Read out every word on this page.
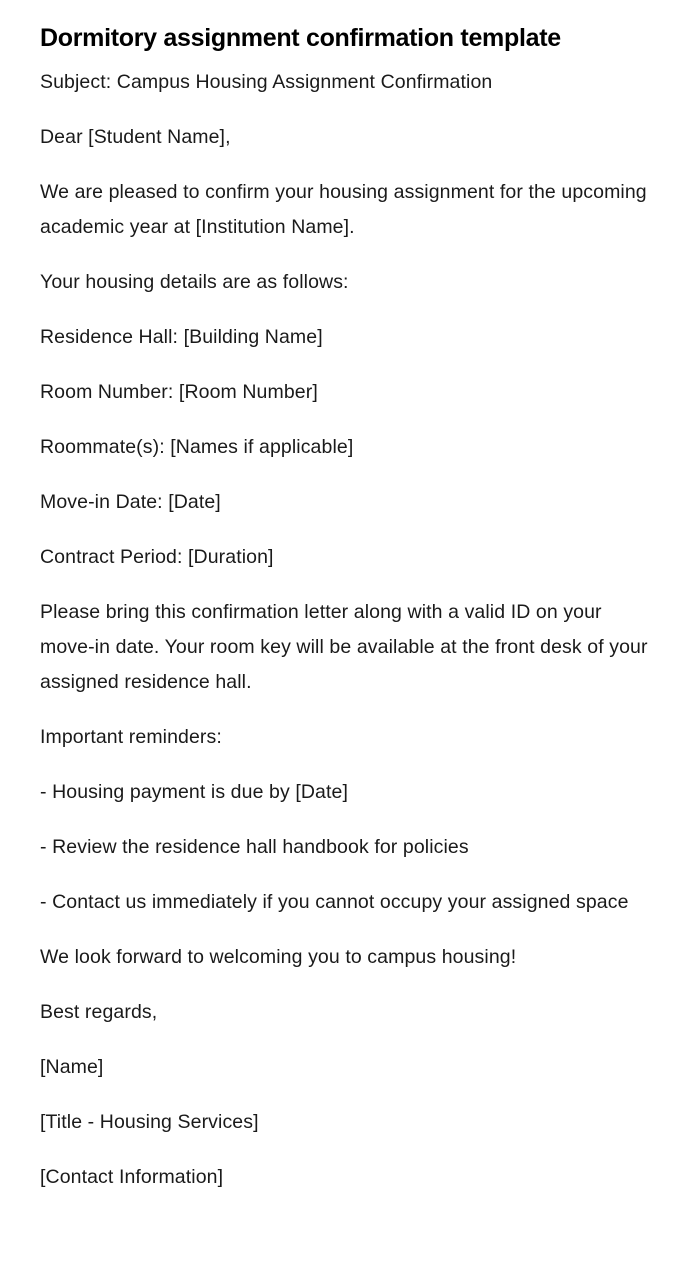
Dormitory assignment confirmation template

Subject: Campus Housing Assignment Confirmation

Dear [Student Name],

We are pleased to confirm your housing assignment for the upcoming academic year at [Institution Name].

Your housing details are as follows:

Residence Hall: [Building Name]

Room Number: [Room Number]

Roommate(s): [Names if applicable]

Move-in Date: [Date]

Contract Period: [Duration]

Please bring this confirmation letter along with a valid ID on your move-in date. Your room key will be available at the front desk of your assigned residence hall.

Important reminders:

- Housing payment is due by [Date]

- Review the residence hall handbook for policies

- Contact us immediately if you cannot occupy your assigned space

We look forward to welcoming you to campus housing!

Best regards,

[Name]

[Title - Housing Services]

[Contact Information]
